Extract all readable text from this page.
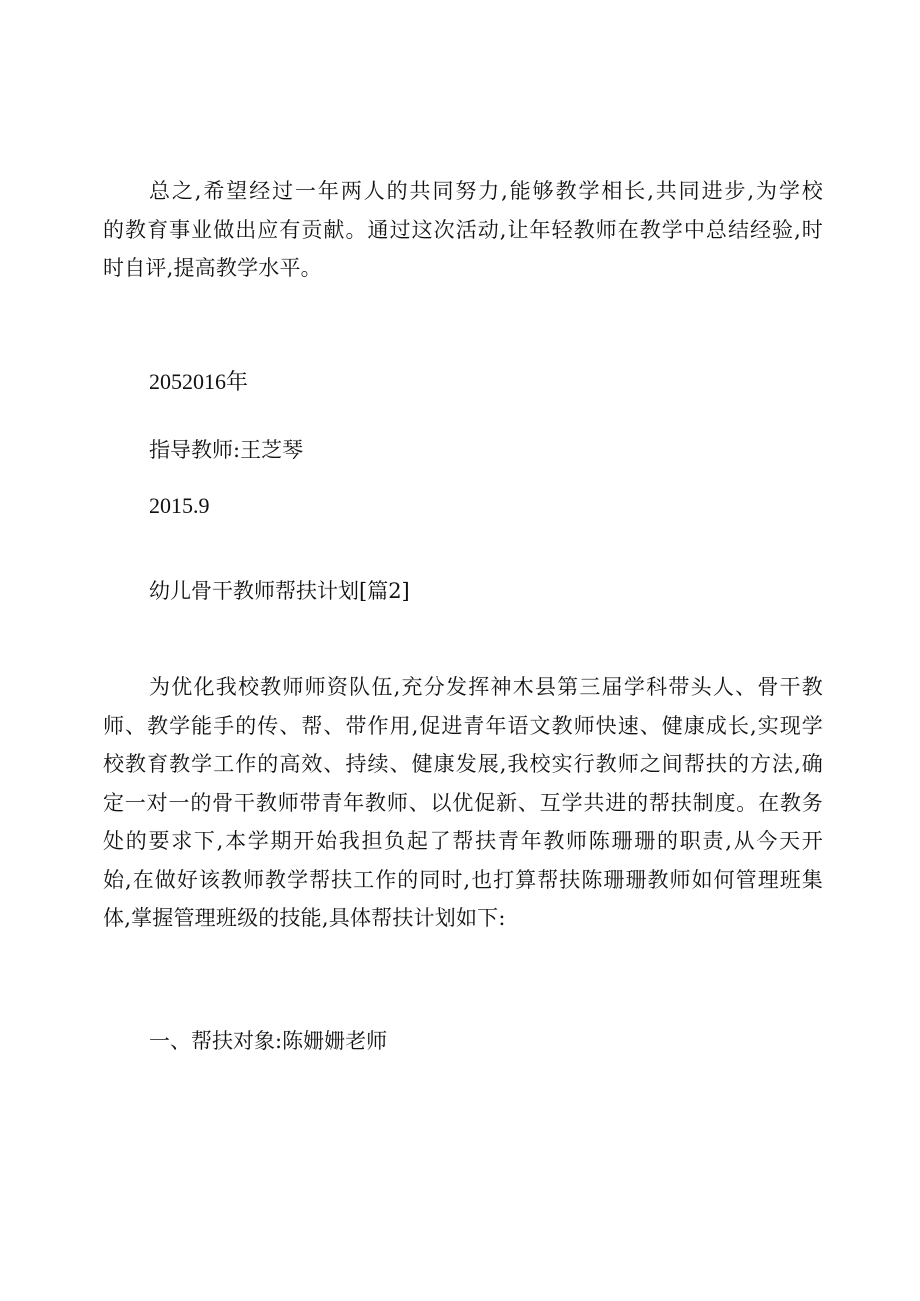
总之,希望经过一年两人的共同努力,能够教学相长,共同进步,为学校
的教育事业做出应有贡献。通过这次活动,让年轻教师在教学中总结经验,时
时自评,提高教学水平。

2052016年

指导教师:王芝琴

2015.9

幼儿骨干教师帮扶计划[篇2]

为优化我校教师师资队伍,充分发挥神木县第三届学科带头人、骨干教
师、教学能手的传、帮、带作用,促进青年语文教师快速、健康成长,实现学
校教育教学工作的高效、持续、健康发展,我校实行教师之间帮扶的方法,确
定一对一的骨干教师带青年教师、以优促新、互学共进的帮扶制度。在教务
处的要求下,本学期开始我担负起了帮扶青年教师陈珊珊的职责,从今天开
始,在做好该教师教学帮扶工作的同时,也打算帮扶陈珊珊教师如何管理班集
体,掌握管理班级的技能,具体帮扶计划如下:

一、帮扶对象:陈姗姗老师
